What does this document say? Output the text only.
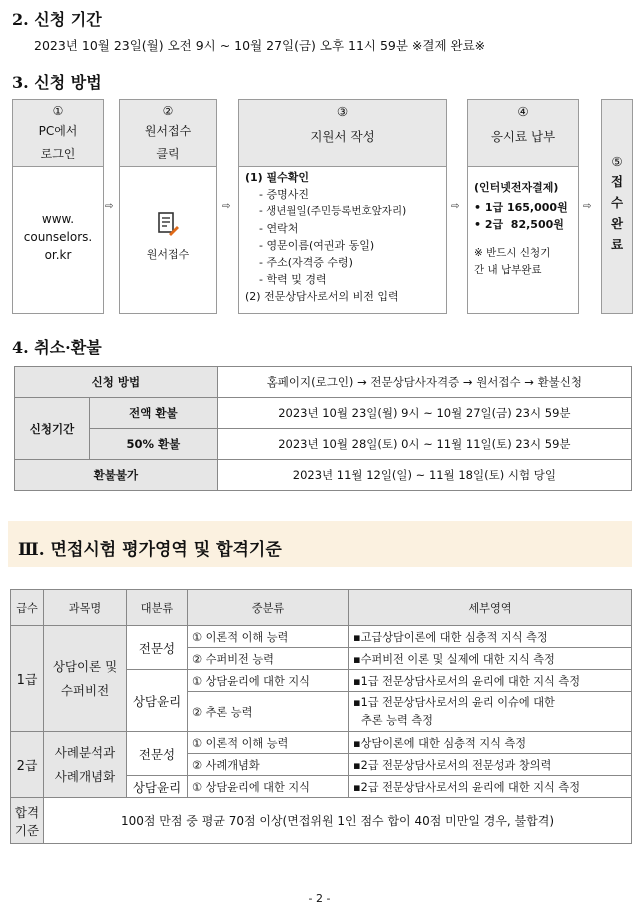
2. 신청 기간
2023년 10월 23일(월) 오전 9시 ~ 10월 27일(금) 오후 11시 59분 ※결제 완료※
3. 신청 방법
①
PC에서
로그인
www.
counselors.
or.kr
⇨
②
원서접수
클릭
원서접수
⇨
③
지원서 작성
(1) 필수확인
- 증명사진
- 생년월일(주민등록번호앞자리)
- 연락처
- 영문이름(여권과 동일)
- 주소(자격증 수령)
- 학력 및 경력
(2) 전문상담사로서의 비전 입력
⇨
④
응시료 납부
(인터넷전자결제)
• 1급 165,000원
• 2급  82,500원
※ 반드시 신청기
간 내 납부완료
⇨
⑤
접
수
완
료
4. 취소·환불
신청 방법		홈페이지(로그인) → 전문상담사자격증 → 원서접수 → 환불신청
신청기간	전액 환불	2023년 10월 23일(월) 9시 ~ 10월 27일(금) 23시 59분
	50% 환불	2023년 10월 28일(토) 0시 ~ 11월 11일(토) 23시 59분
환불불가		2023년 11월 12일(일) ~ 11월 18일(토) 시험 당일
Ⅲ. 면접시험 평가영역 및 합격기준
급수	과목명	대분류	중분류	세부영역
1급	상담이론 및
수퍼비전	전문성	① 이론적 이해 능력	▪고급상담이론에 대한 심층적 지식 측정
			② 수퍼비전 능력	▪수퍼비전 이론 및 실제에 대한 지식 측정
		상담윤리	① 상담윤리에 대한 지식	▪1급 전문상담사로서의 윤리에 대한 지식 측정
			② 추론 능력	▪1급 전문상담사로서의 윤리 이슈에 대한
추론 능력 측정

2급	사례분석과
사례개념화	전문성	① 이론적 이해 능력	▪상담이론에 대한 심층적 지식 측정
			② 사례개념화	▪2급 전문상담사로서의 전문성과 창의력
		상담윤리	① 상담윤리에 대한 지식	▪2급 전문상담사로서의 윤리에 대한 지식 측정

합격
기준	100점 만점 중 평균 70점 이상(면접위원 1인 점수 합이 40점 미만일 경우, 불합격)			
- 2 -
